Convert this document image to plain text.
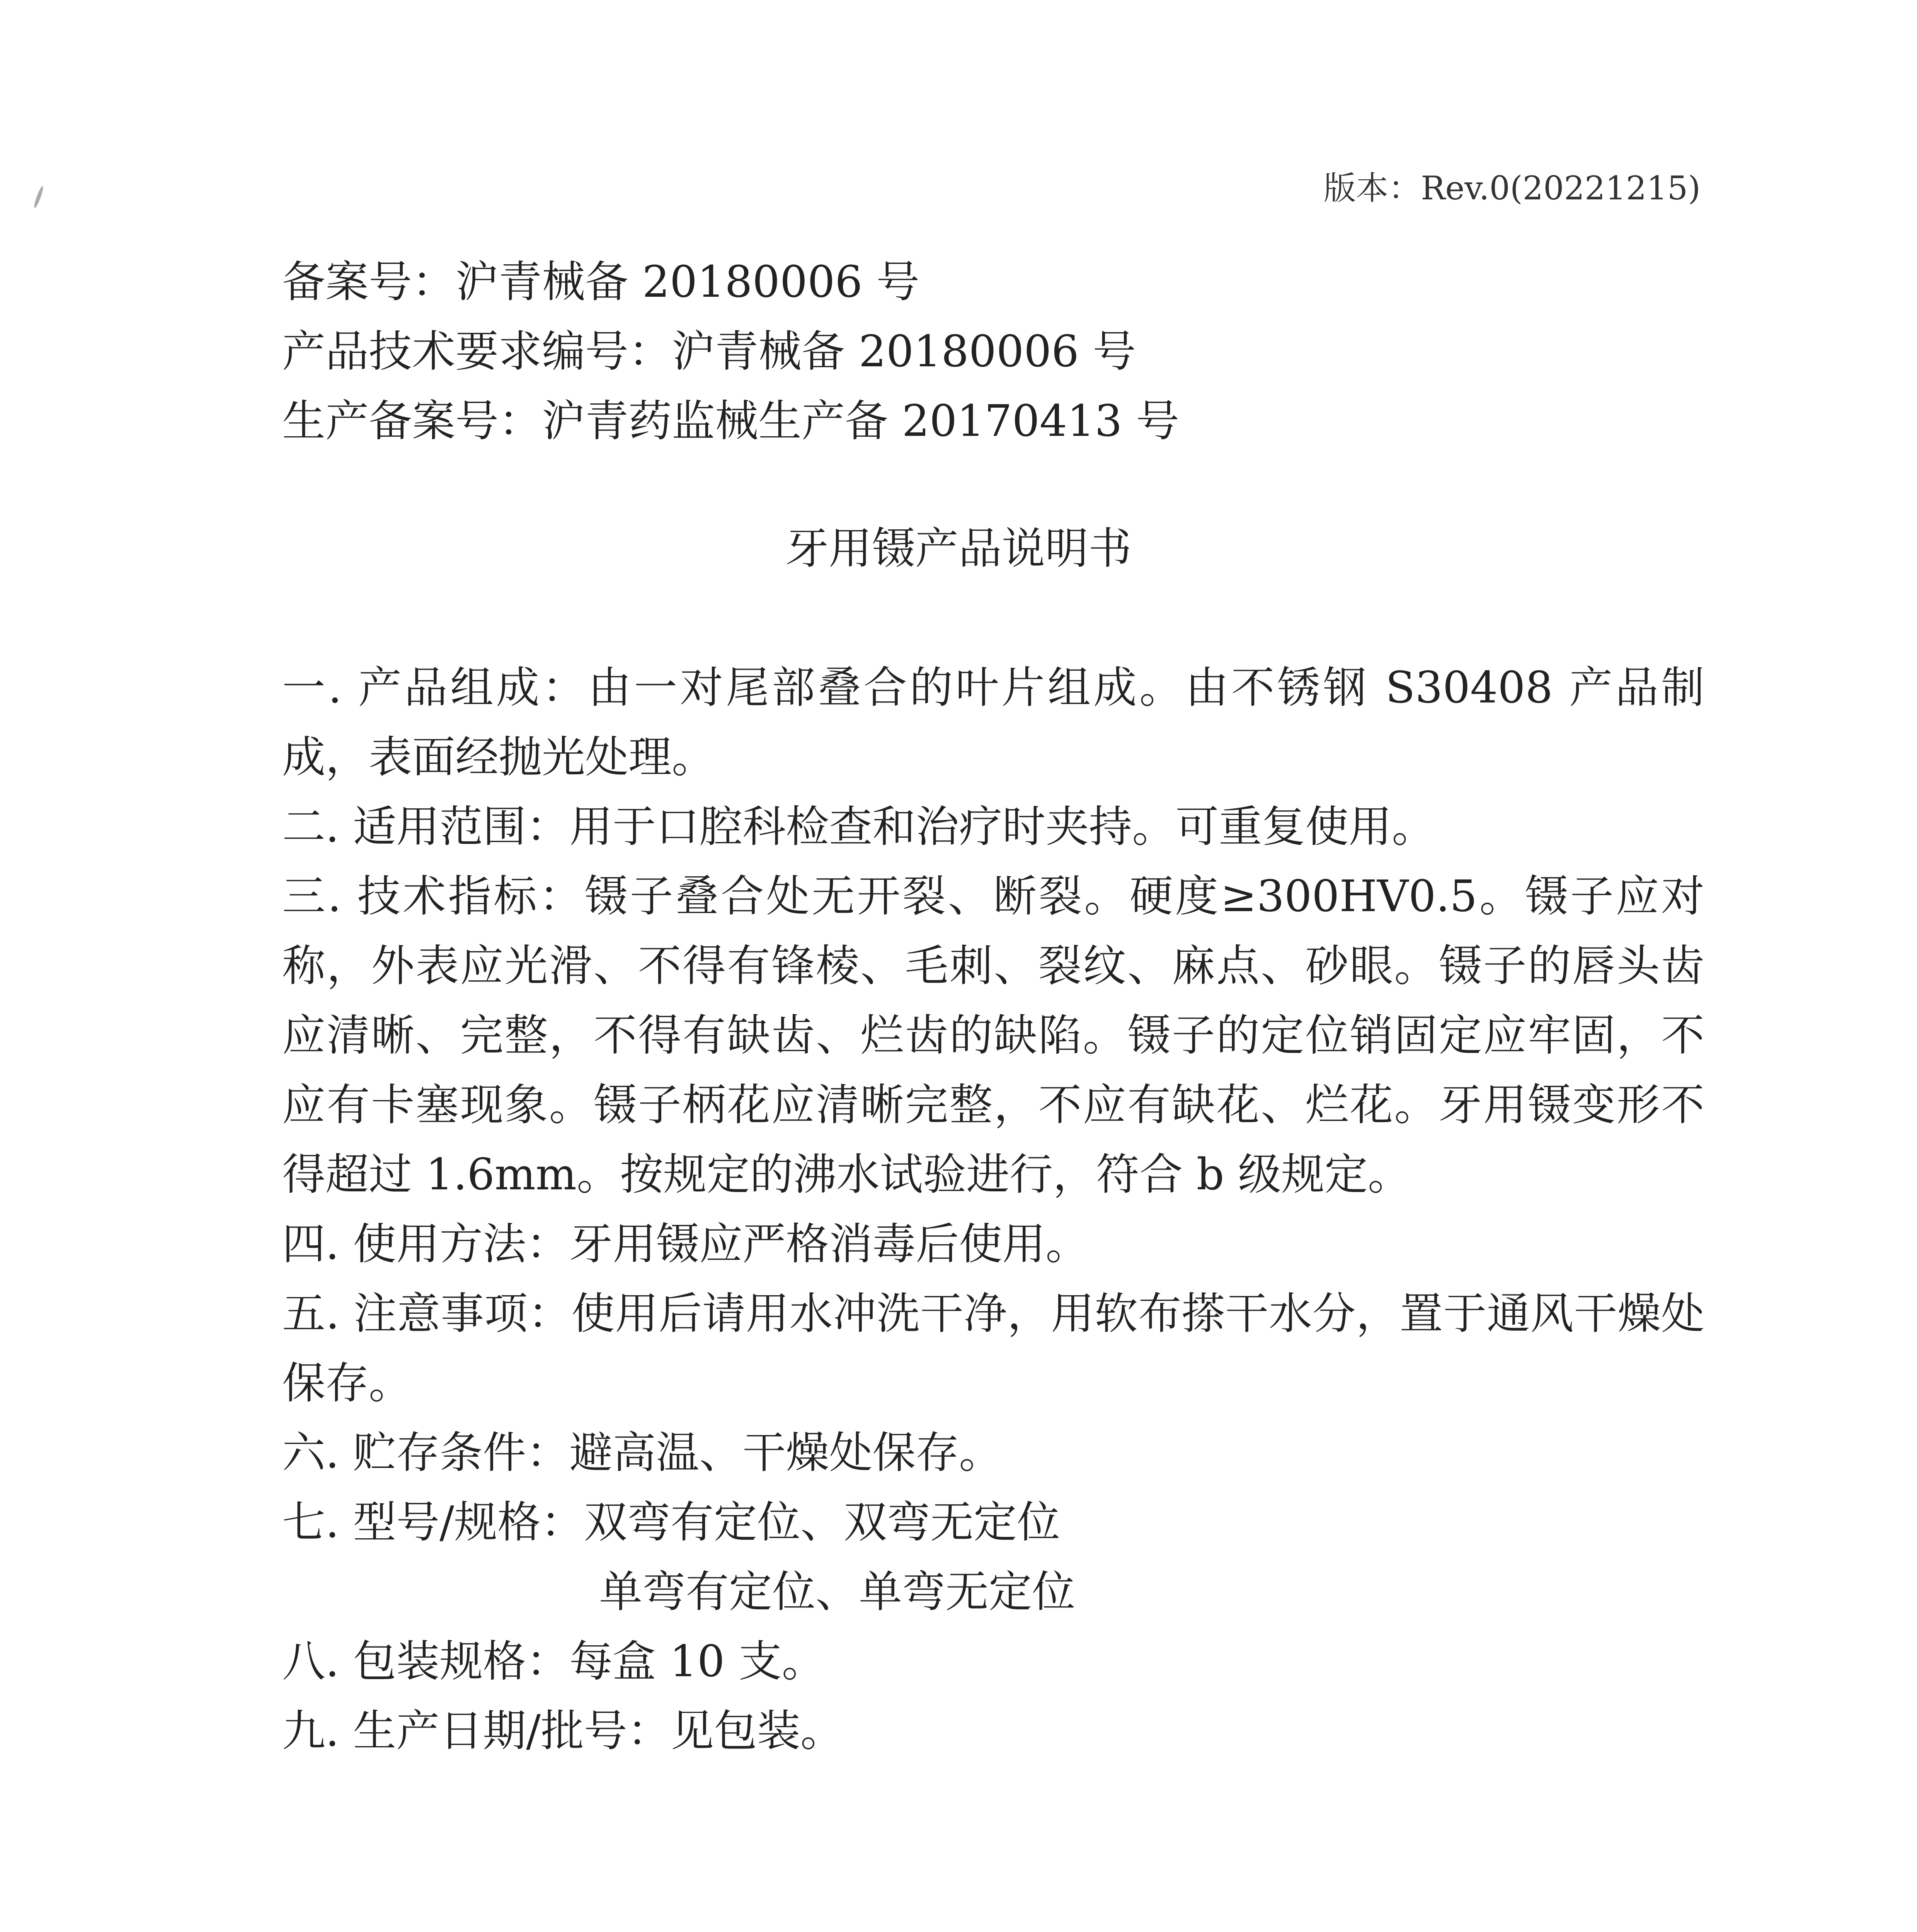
版本：Rev.0(20221215)
备案号：沪青械备 20180006 号
产品技术要求编号：沪青械备 20180006 号
生产备案号：沪青药监械生产备 20170413 号
牙用镊产品说明书
一. 产品组成：由一对尾部叠合的叶片组成。由不锈钢 S30408 产品制成，表面经抛光处理。
二. 适用范围：用于口腔科检查和治疗时夹持。可重复使用。
三. 技术指标：镊子叠合处无开裂、断裂。硬度≥300HV0.5。镊子应对称，外表应光滑、不得有锋棱、毛刺、裂纹、麻点、砂眼。镊子的唇头齿应清晰、完整，不得有缺齿、烂齿的缺陷。镊子的定位销固定应牢固，不应有卡塞现象。镊子柄花应清晰完整，不应有缺花、烂花。牙用镊变形不得超过 1.6mm。按规定的沸水试验进行，符合 b 级规定。
四. 使用方法：牙用镊应严格消毒后使用。
五. 注意事项：使用后请用水冲洗干净，用软布搽干水分，置于通风干燥处保存。
六. 贮存条件：避高温、干燥处保存。
七. 型号/规格：双弯有定位、双弯无定位
单弯有定位、单弯无定位
八. 包装规格：每盒 10 支。
九. 生产日期/批号：见包装。
